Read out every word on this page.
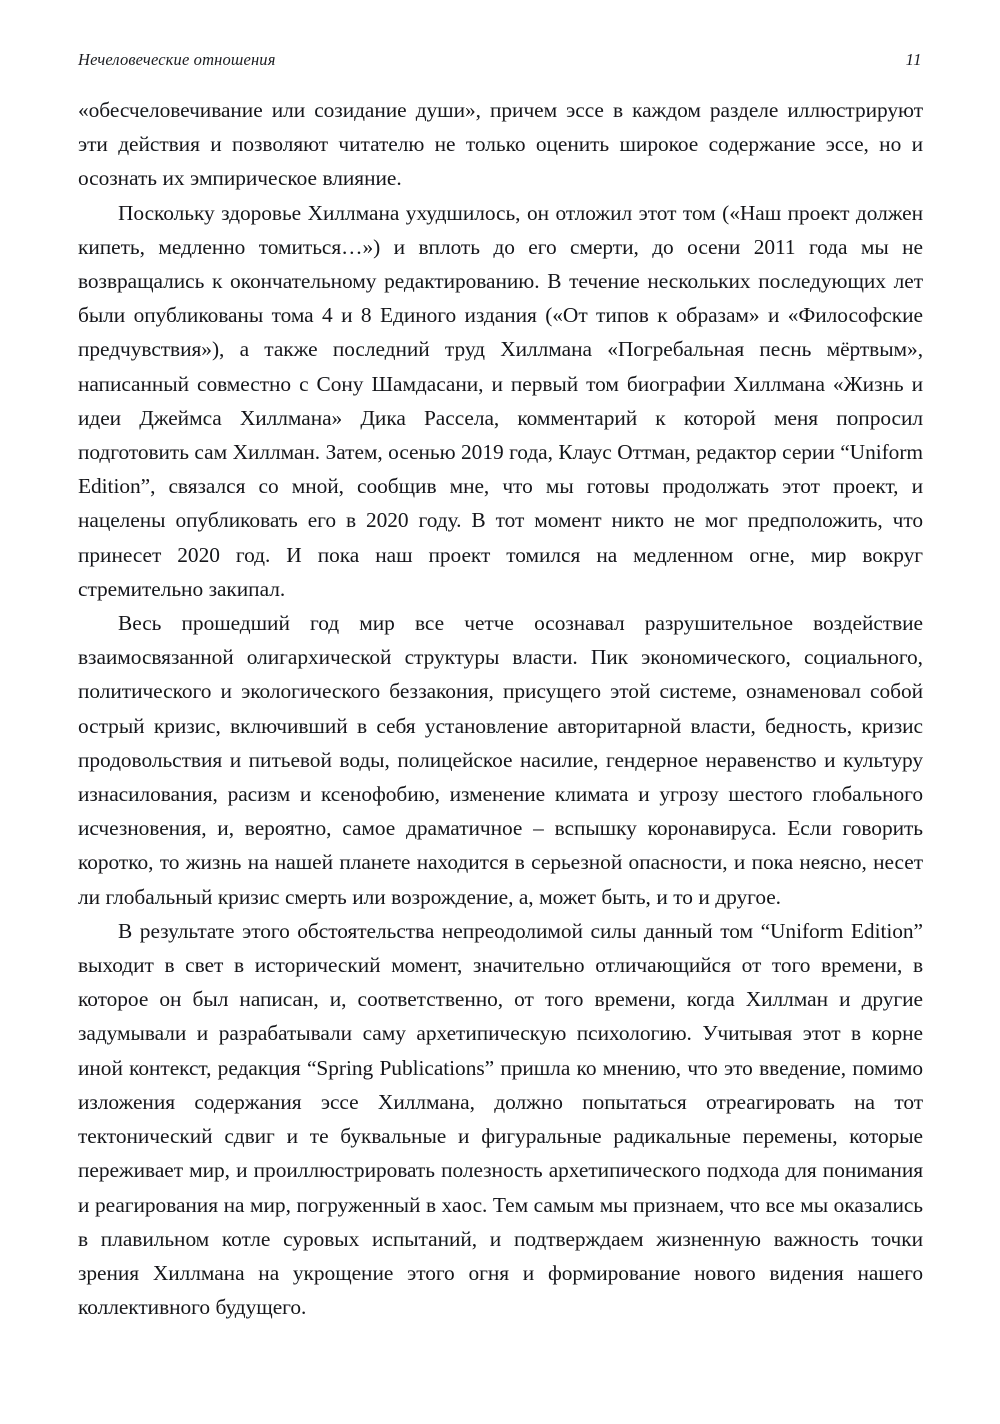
Нечеловеческие отношения	11

«обесчеловечивание или созидание души», причем эссе в каждом разделе иллюстрируют эти действия и позволяют читателю не только оценить широкое содержание эссе, но и осознать их эмпирическое влияние.

Поскольку здоровье Хиллмана ухудшилось, он отложил этот том («Наш проект должен кипеть, медленно томиться…») и вплоть до его смерти, до осени 2011 года мы не возвращались к окончательному редактированию. В течение нескольких последующих лет были опубликованы тома 4 и 8 Единого издания («От типов к образам» и «Философские предчувствия»), а также последний труд Хиллмана «Погребальная песнь мёртвым», написанный совместно с Сону Шамдасани, и первый том биографии Хиллмана «Жизнь и идеи Джеймса Хиллмана» Дика Рассела, комментарий к которой меня попросил подготовить сам Хиллман. Затем, осенью 2019 года, Клаус Оттман, редактор серии “Uniform Edition”, связался со мной, сообщив мне, что мы готовы продолжать этот проект, и нацелены опубликовать его в 2020 году. В тот момент никто не мог предположить, что принесет 2020 год. И пока наш проект томился на медленном огне, мир вокруг стремительно закипал.

Весь прошедший год мир все четче осознавал разрушительное воздействие взаимосвязанной олигархической структуры власти. Пик экономического, социального, политического и экологического беззакония, присущего этой системе, ознаменовал собой острый кризис, включивший в себя установление авторитарной власти, бедность, кризис продовольствия и питьевой воды, полицейское насилие, гендерное неравенство и культуру изнасилования, расизм и ксенофобию, изменение климата и угрозу шестого глобального исчезновения, и, вероятно, самое драматичное – вспышку коронавируса. Если говорить коротко, то жизнь на нашей планете находится в серьезной опасности, и пока неясно, несет ли глобальный кризис смерть или возрождение, а, может быть, и то и другое.

В результате этого обстоятельства непреодолимой силы данный том “Uniform Edition” выходит в свет в исторический момент, значительно отличающийся от того времени, в которое он был написан, и, соответственно, от того времени, когда Хиллман и другие задумывали и разрабатывали саму архетипическую психологию. Учитывая этот в корне иной контекст, редакция “Spring Publications” пришла ко мнению, что это введение, помимо изложения содержания эссе Хиллмана, должно попытаться отреагировать на тот тектонический сдвиг и те буквальные и фигуральные радикальные перемены, которые переживает мир, и проиллюстрировать полезность архетипического подхода для понимания и реагирования на мир, погруженный в хаос. Тем самым мы признаем, что все мы оказались в плавильном котле суровых испытаний, и подтверждаем жизненную важность точки зрения Хиллмана на укрощение этого огня и формирование нового видения нашего коллективного будущего.
